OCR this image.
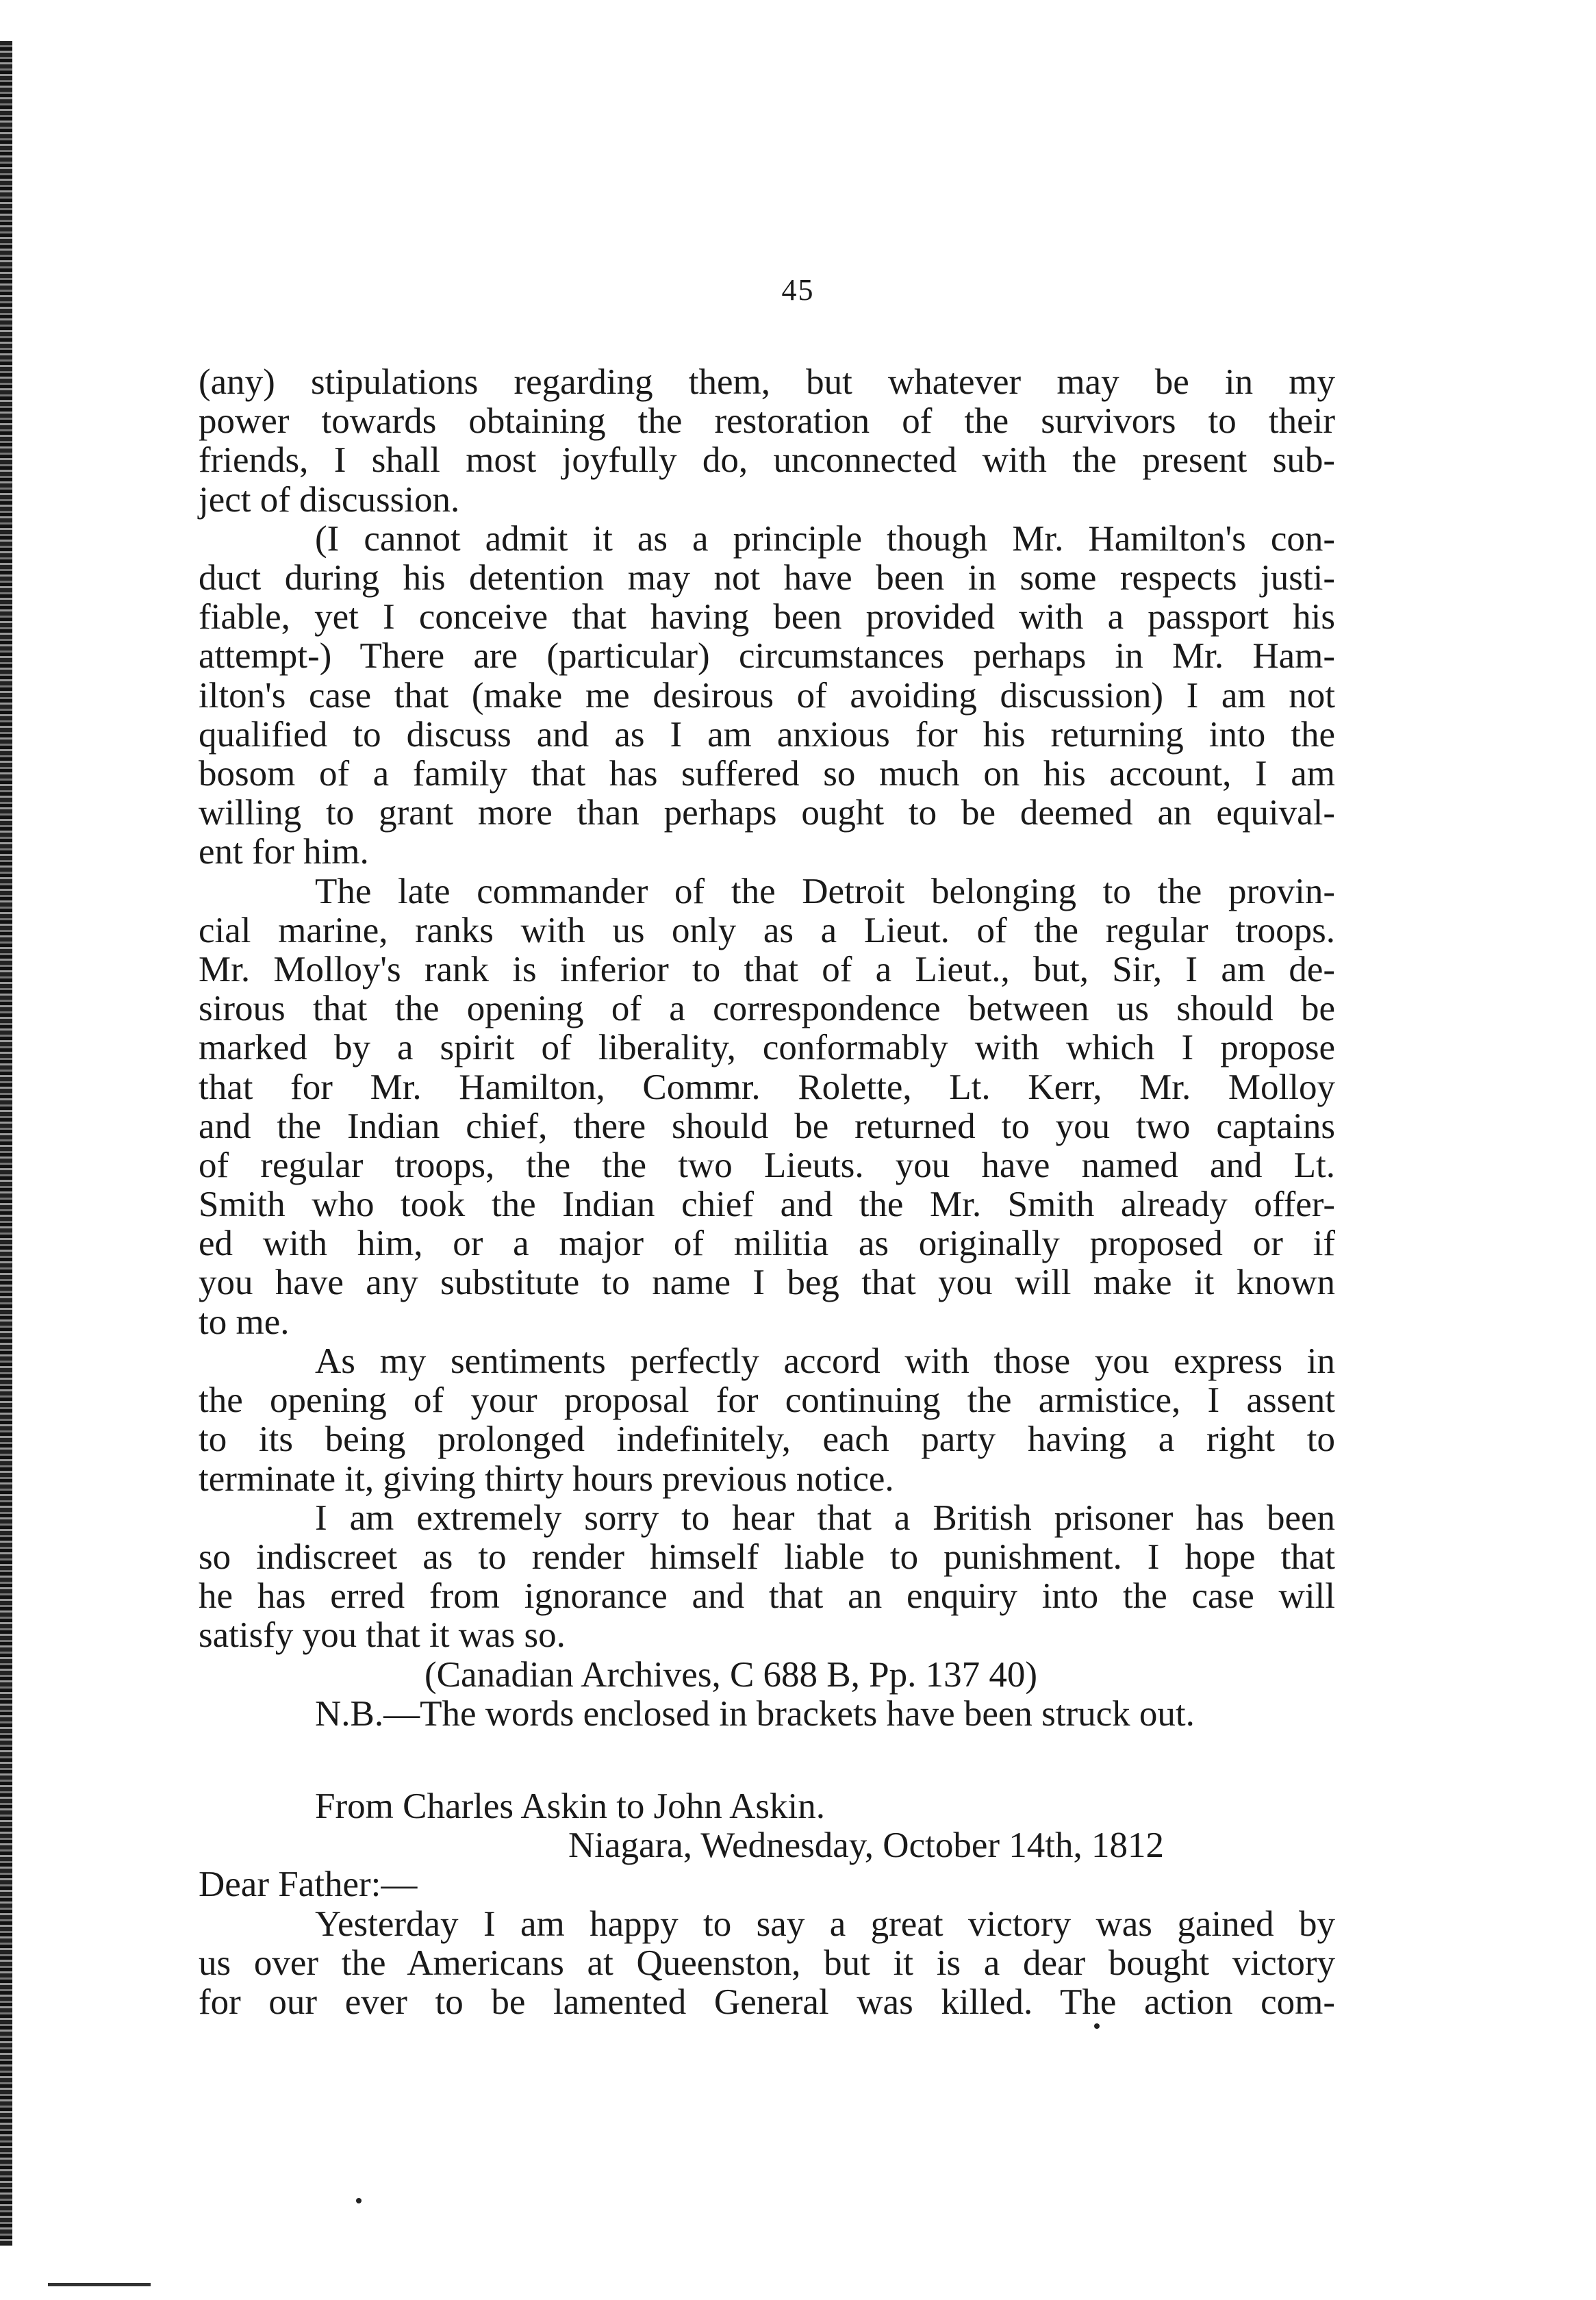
45
(any) stipulations regarding them, but whatever may be in my
power towards obtaining the restoration of the survivors to their
friends, I shall most joyfully do, unconnected with the present sub-
ject of discussion.
(I cannot admit it as a principle though Mr. Hamilton's con-
duct during his detention may not have been in some respects justi-
fiable, yet I conceive that having been provided with a passport his
attempt-) There are (particular) circumstances perhaps in Mr. Ham-
ilton's case that (make me desirous of avoiding discussion) I am not
qualified to discuss and as I am anxious for his returning into the
bosom of a family that has suffered so much on his account, I am
willing to grant more than perhaps ought to be deemed an equival-
ent for him.
The late commander of the Detroit belonging to the provin-
cial marine, ranks with us only as a Lieut. of the regular troops.
Mr. Molloy's rank is inferior to that of a Lieut., but, Sir, I am de-
sirous that the opening of a correspondence between us should be
marked by a spirit of liberality, conformably with which I propose
that for Mr. Hamilton, Commr. Rolette, Lt. Kerr, Mr. Molloy
and the Indian chief, there should be returned to you two captains
of regular troops, the the two Lieuts. you have named and Lt.
Smith who took the Indian chief and the Mr. Smith already offer-
ed with him, or a major of militia as originally proposed or if
you have any substitute to name I beg that you will make it known
to me.
As my sentiments perfectly accord with those you express in
the opening of your proposal for continuing the armistice, I assent
to its being prolonged indefinitely, each party having a right to
terminate it, giving thirty hours previous notice.
I am extremely sorry to hear that a British prisoner has been
so indiscreet as to render himself liable to punishment. I hope that
he has erred from ignorance and that an enquiry into the case will
satisfy you that it was so.
(Canadian Archives, C 688 B, Pp. 137 40)
N.B.—The words enclosed in brackets have been struck out.
From Charles Askin to John Askin.
Niagara, Wednesday, October 14th, 1812
Dear Father:—
Yesterday I am happy to say a great victory was gained by
us over the Americans at Queenston, but it is a dear bought victory
for our ever to be lamented General was killed. The action com-
